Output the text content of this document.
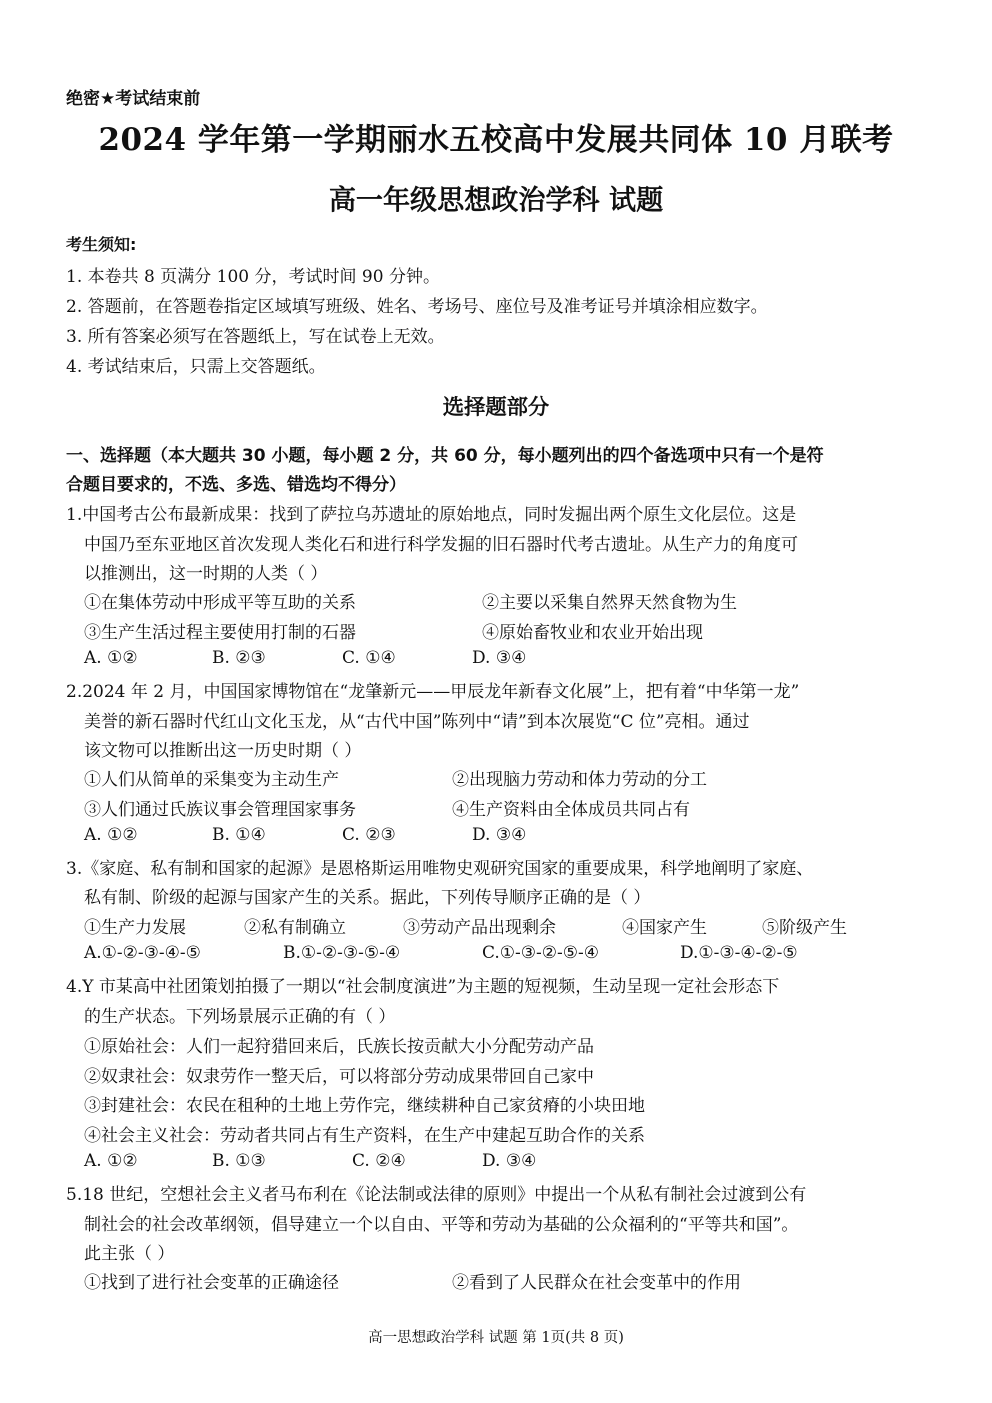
绝密★考试结束前
2024 学年第一学期丽水五校高中发展共同体 10 月联考
高一年级思想政治学科 试题
考生须知:
1. 本卷共 8 页满分 100 分，考试时间 90 分钟。
2. 答题前，在答题卷指定区域填写班级、姓名、考场号、座位号及准考证号并填涂相应数字。
3. 所有答案必须写在答题纸上，写在试卷上无效。
4. 考试结束后，只需上交答题纸。
选择题部分
一、选择题（本大题共 30 小题，每小题 2 分，共 60 分，每小题列出的四个备选项中只有一个是符
合题目要求的，不选、多选、错选均不得分）
1.中国考古公布最新成果：找到了萨拉乌苏遗址的原始地点，同时发掘出两个原生文化层位。这是
中国乃至东亚地区首次发现人类化石和进行科学发掘的旧石器时代考古遗址。从生产力的角度可
以推测出，这一时期的人类（ ）
①在集体劳动中形成平等互助的关系	②主要以采集自然界天然食物为生
③生产生活过程主要使用打制的石器	④原始畜牧业和农业开始出现
A. ①②	B. ②③	C. ①④	D. ③④
2.2024 年 2 月，中国国家博物馆在“龙肇新元——甲辰龙年新春文化展”上，把有着“中华第一龙”
美誉的新石器时代红山文化玉龙，从“古代中国”陈列中“请”到本次展览“C 位”亮相。通过
该文物可以推断出这一历史时期（ ）
①人们从简单的采集变为主动生产	②出现脑力劳动和体力劳动的分工
③人们通过氏族议事会管理国家事务	④生产资料由全体成员共同占有
A. ①②	B. ①④	C. ②③	D. ③④
3.《家庭、私有制和国家的起源》是恩格斯运用唯物史观研究国家的重要成果，科学地阐明了家庭、
私有制、阶级的起源与国家产生的关系。据此，下列传导顺序正确的是（ ）
①生产力发展	②私有制确立	③劳动产品出现剩余	④国家产生	⑤阶级产生
A.①-②-③-④-⑤	B.①-②-③-⑤-④	C.①-③-②-⑤-④	D.①-③-④-②-⑤
4.Y 市某高中社团策划拍摄了一期以“社会制度演进”为主题的短视频，生动呈现一定社会形态下
的生产状态。下列场景展示正确的有（ ）
①原始社会：人们一起狩猎回来后，氏族长按贡献大小分配劳动产品
②奴隶社会：奴隶劳作一整天后，可以将部分劳动成果带回自己家中
③封建社会：农民在租种的土地上劳作完，继续耕种自己家贫瘠的小块田地
④社会主义社会：劳动者共同占有生产资料，在生产中建起互助合作的关系
A. ①②	B. ①③	C. ②④	D. ③④
5.18 世纪，空想社会主义者马布利在《论法制或法律的原则》中提出一个从私有制社会过渡到公有
制社会的社会改革纲领，倡导建立一个以自由、平等和劳动为基础的公众福利的“平等共和国”。
此主张（ ）
①找到了进行社会变革的正确途径	②看到了人民群众在社会变革中的作用
高一思想政治学科 试题 第 1页(共 8 页)
